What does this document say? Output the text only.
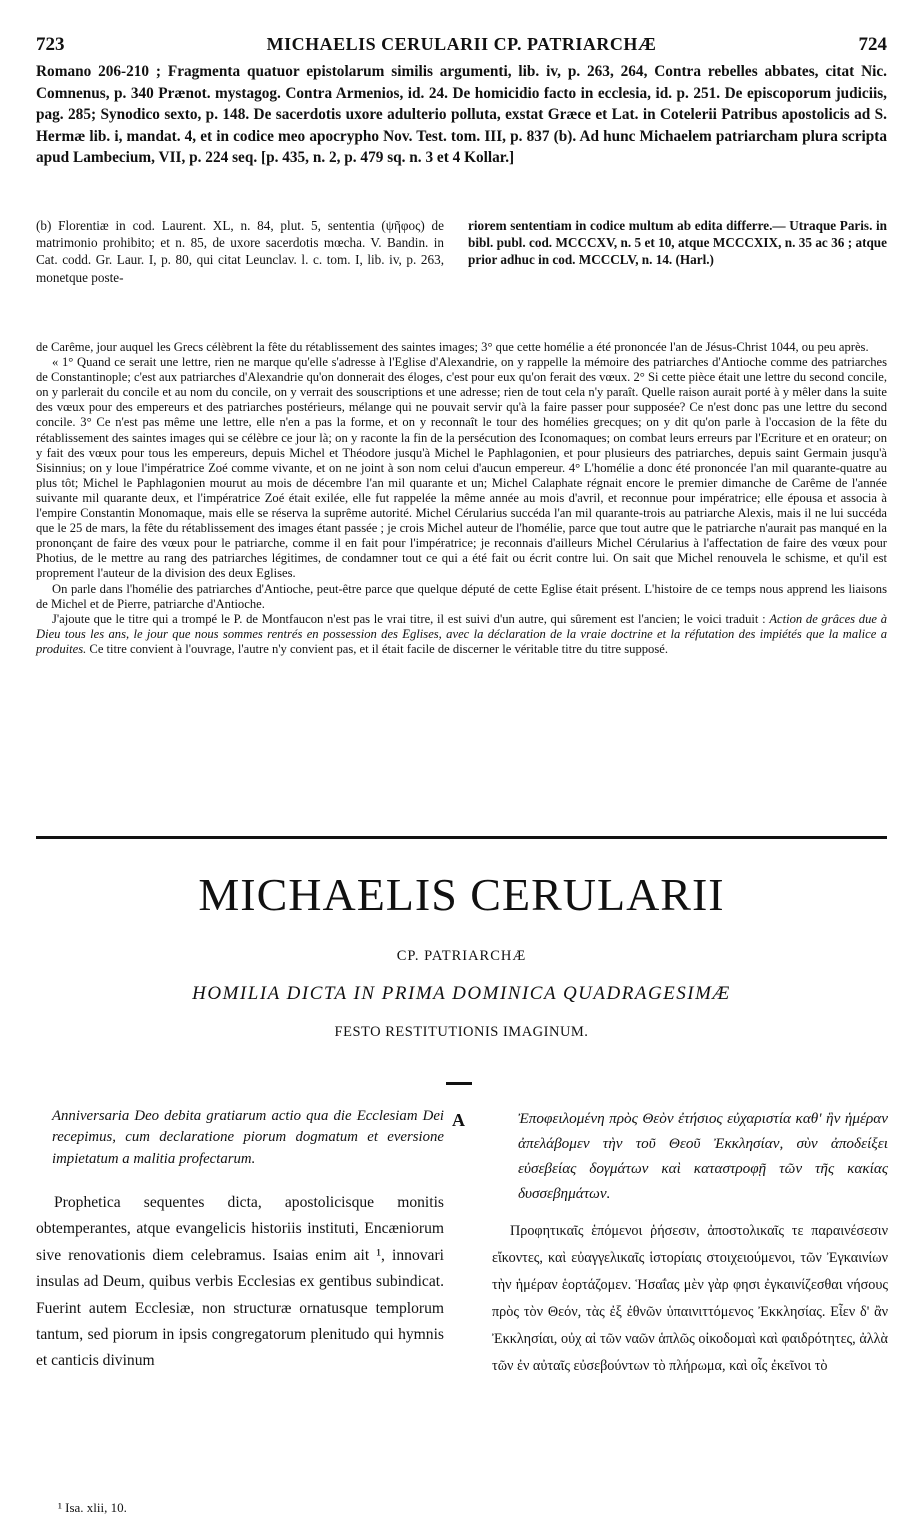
723	MICHAELIS CERULARII CP. PATRIARCHÆ	724
Romano 206-210 ; Fragmenta quatuor epistolarum similis argumenti, lib. iv, p. 263, 264, Contra rebelles abbates, citat Nic. Comnenus, p. 340 Prænot. mystagog. Contra Armenios, id. 24. De homicidio facto in ecclesia, id. p. 251. De episcoporum judiciis, pag. 285; Synodico sexto, p. 148. De sacerdotis uxore adulterio polluta, exstat Græce et Lat. in Cotelerii Patribus apostolicis ad S. Hermæ lib. i, mandat. 4, et in codice meo apocrypho Nov. Test. tom. III, p. 837 (b). Ad hunc Michaelem patriarcham plura scripta apud Lambecium, VII, p. 224 seq. [p. 435, n. 2, p. 479 sq. n. 3 et 4 Kollar.]
(b) Florentiæ in cod. Laurent. XL, n. 84, plut. 5, sententia (ψῆφος) de matrimonio prohibito; et n. 85, de uxore sacerdotis mœcha. V. Bandin. in Cat. codd. Gr. Laur. I, p. 80, qui citat Leunclav. l. c. tom. I, lib. iv, p. 263, monetque poste-
riorem sententiam in codice multum ab edita differre.— Utraque Paris. in bibl. publ. cod. MCCCXV, n. 5 et 10, atque MCCCXIX, n. 35 ac 36 ; atque prior adhuc in cod. MCCCLV, n. 14. (Harl.)

de Carême, jour auquel les Grecs célèbrent la fête du rétablissement des saintes images; 3° que cette homélie a été prononcée l'an de Jésus-Christ 1044, ou peu après.

« 1° Quand ce serait une lettre, rien ne marque qu'elle s'adresse à l'Eglise d'Alexandrie, on y rappelle la mémoire des patriarches d'Antioche comme des patriarches de Constantinople; c'est aux patriarches d'Alexandrie qu'on donnerait des éloges, c'est pour eux qu'on ferait des vœux. 2° Si cette pièce était une lettre du second concile, on y parlerait du concile et au nom du concile, on y verrait des souscriptions et une adresse; rien de tout cela n'y paraît. Quelle raison aurait porté à y mêler dans la suite des vœux pour des empereurs et des patriarches postérieurs, mélange qui ne pouvait servir qu'à la faire passer pour supposée? Ce n'est donc pas une lettre du second concile. 3° Ce n'est pas même une lettre, elle n'en a pas la forme, et on y reconnaît le tour des homélies grecques; on y dit qu'on parle à l'occasion de la fête du rétablissement des saintes images qui se célèbre ce jour là; on y raconte la fin de la persécution des Iconomaques; on combat leurs erreurs par l'Ecriture et en orateur; on y fait des vœux pour tous les empereurs, depuis Michel et Théodore jusqu'à Michel le Paphlagonien, et pour plusieurs des patriarches, depuis saint Germain jusqu'à Sisinnius; on y loue l'impératrice Zoé comme vivante, et on ne joint à son nom celui d'aucun empereur. 4° L'homélie a donc été prononcée l'an mil quarante-quatre au plus tôt; Michel le Paphlagonien mourut au mois de décembre l'an mil quarante et un; Michel Calaphate régnait encore le premier dimanche de Carême de l'année suivante mil quarante deux, et l'impératrice Zoé était exilée, elle fut rappelée la même année au mois d'avril, et reconnue pour impératrice; elle épousa et associa à l'empire Constantin Monomaque, mais elle se réserva la suprême autorité. Michel Cérularius succéda l'an mil quarante-trois au patriarche Alexis, mais il ne lui succéda que le 25 de mars, la fête du rétablissement des images étant passée ; je crois Michel auteur de l'homélie, parce que tout autre que le patriarche n'aurait pas manqué en la prononçant de faire des vœux pour le patriarche, comme il en fait pour l'impératrice; je reconnais d'ailleurs Michel Cérularius à l'affectation de faire des vœux pour Photius, de le mettre au rang des patriarches légitimes, de condamner tout ce qui a été fait ou écrit contre lui. On sait que Michel renouvela le schisme, et qu'il est proprement l'auteur de la division des deux Eglises.

On parle dans l'homélie des patriarches d'Antioche, peut-être parce que quelque député de cette Eglise était présent. L'histoire de ce temps nous apprend les liaisons de Michel et de Pierre, patriarche d'Antioche.

J'ajoute que le titre qui a trompé le P. de Montfaucon n'est pas le vrai titre, il est suivi d'un autre, qui sûrement est l'ancien; le voici traduit : Action de grâces due à Dieu tous les ans, le jour que nous sommes rentrés en possession des Eglises, avec la déclaration de la vraie doctrine et la réfutation des impiétés que la malice a produites. Ce titre convient à l'ouvrage, l'autre n'y convient pas, et il était facile de discerner le véritable titre du titre supposé.

MICHAELIS CERULARII
CP. PATRIARCHÆ
HOMILIA DICTA IN PRIMA DOMINICA QUADRAGESIMÆ
FESTO RESTITUTIONIS IMAGINUM.

Anniversaria Deo debita gratiarum actio qua die Ecclesiam Dei recepimus, cum declaratione piorum dogmatum et eversione impietatum a malitia profectarum.

Prophetica sequentes dicta, apostolicisque monitis obtemperantes, atque evangelicis historiis instituti, Encæniorum sive renovationis diem celebramus. Isaias enim ait ¹, innovari insulas ad Deum, quibus verbis Ecclesias ex gentibus subindicat. Fuerint autem Ecclesiæ, non structuræ ornatusque templorum tantum, sed piorum in ipsis congregatorum plenitudo qui hymnis et canticis divinum

A	Ἐποφειλομένη πρὸς Θεὸν ἐτήσιος εὐχαριστία καθ' ἣν ἡμέραν ἀπελάβομεν τὴν τοῦ Θεοῦ Ἐκκλησίαν, σὺν ἀποδείξει εὐσεβείας δογμάτων καὶ καταστροφῇ τῶν τῆς κακίας δυσσεβημάτων.

Προφητικαῖς ἑπόμενοι ῥήσεσιν, ἀποστολικαῖς τε παραινέσεσιν εἴκοντες, καὶ εὐαγγελικαῖς ἱστορίαις στοιχειούμενοι, τῶν Ἐγκαινίων τὴν ἡμέραν ἑορτάζομεν. Ἡσαΐας μὲν γὰρ φησι ἐγκαινίζεσθαι νήσους πρὸς τὸν Θεόν, τὰς ἐξ ἐθνῶν ὑπαινιττόμενος Ἐκκλησίας. Εἶεν δ' ἂν Ἐκκλησίαι, οὐχ αἱ τῶν ναῶν ἁπλῶς οἰκοδομαὶ καὶ φαιδρότητες, ἀλλὰ τῶν ἐν αὐταῖς εὐσεβούντων τὸ πλήρωμα, καὶ οἷς ἐκεῖνοι τὸ

¹ Isa. xlii, 10.
